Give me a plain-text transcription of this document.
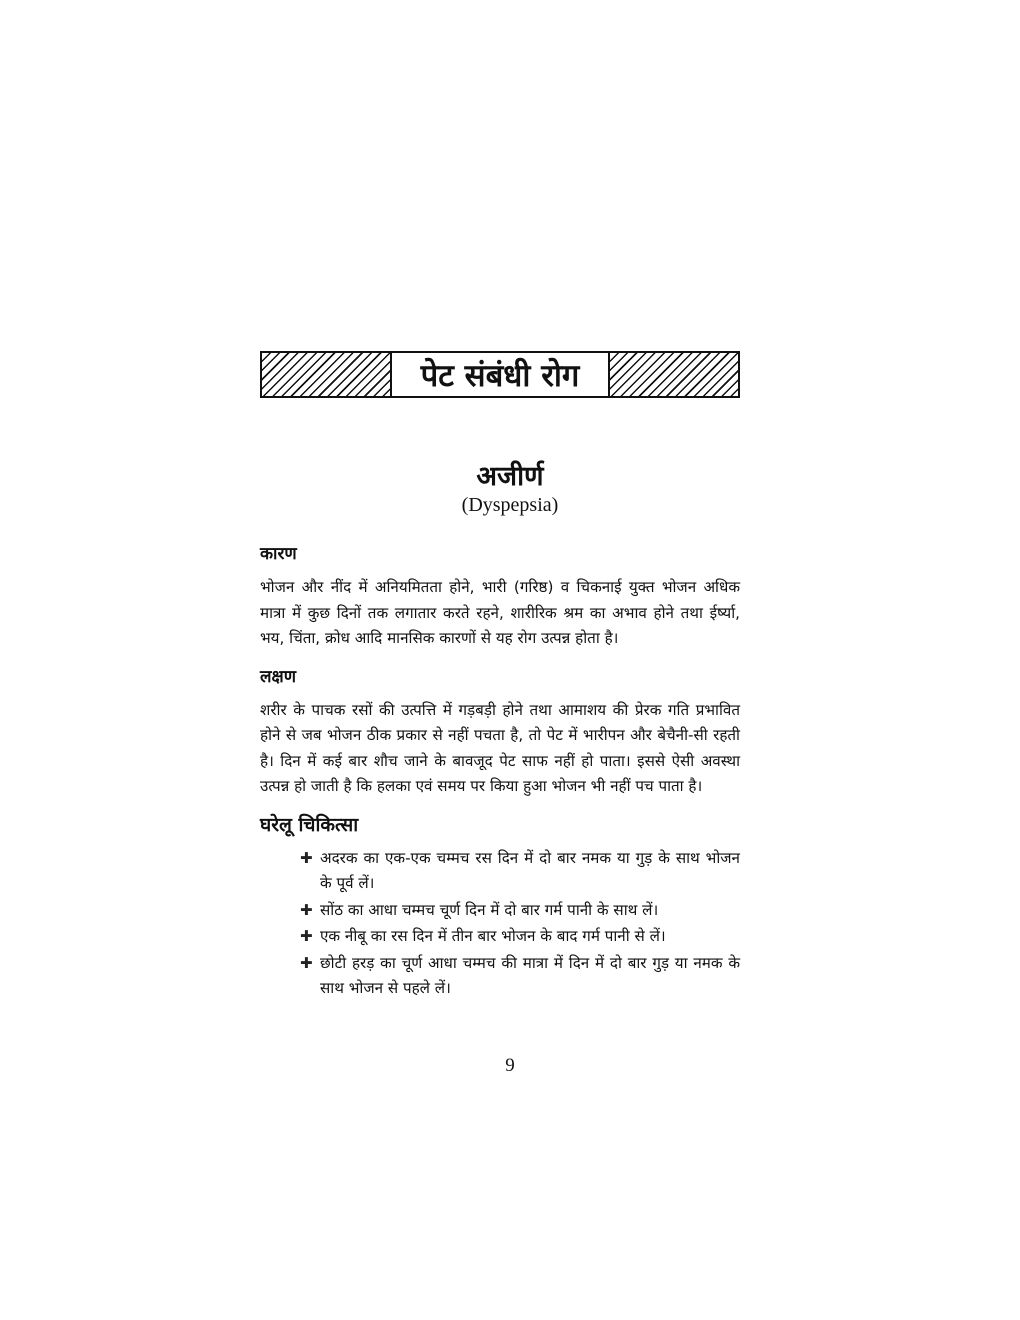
पेट संबंधी रोग
अजीर्ण
(Dyspepsia)
कारण

भोजन और नींद में अनियमितता होने, भारी (गरिष्ठ) व चिकनाई युक्त भोजन अधिक मात्रा में कुछ दिनों तक लगातार करते रहने, शारीरिक श्रम का अभाव होने तथा ईर्ष्या, भय, चिंता, क्रोध आदि मानसिक कारणों से यह रोग उत्पन्न होता है।

लक्षण

शरीर के पाचक रसों की उत्पत्ति में गड़बड़ी होने तथा आमाशय की प्रेरक गति प्रभावित होने से जब भोजन ठीक प्रकार से नहीं पचता है, तो पेट में भारीपन और बेचैनी-सी रहती है। दिन में कई बार शौच जाने के बावजूद पेट साफ नहीं हो पाता। इससे ऐसी अवस्था उत्पन्न हो जाती है कि हलका एवं समय पर किया हुआ भोजन भी नहीं पच पाता है।

घरेलू चिकित्सा
✚ अदरक का एक-एक चम्मच रस दिन में दो बार नमक या गुड़ के साथ भोजन के पूर्व लें।
✚ सोंठ का आधा चम्मच चूर्ण दिन में दो बार गर्म पानी के साथ लें।
✚ एक नीबू का रस दिन में तीन बार भोजन के बाद गर्म पानी से लें।
✚ छोटी हरड़ का चूर्ण आधा चम्मच की मात्रा में दिन में दो बार गुड़ या नमक के साथ भोजन से पहले लें।
9
